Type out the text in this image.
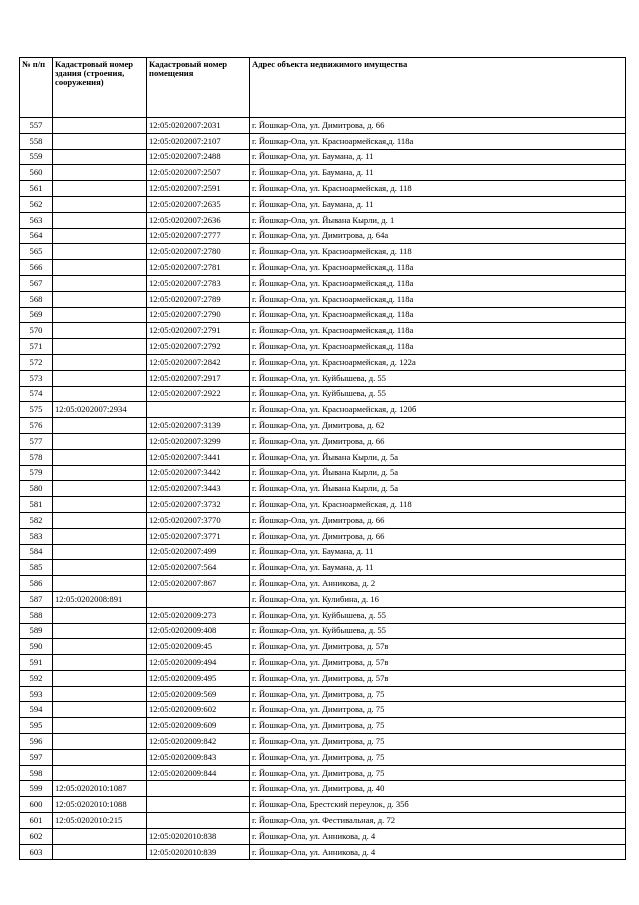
№ п/п	Кадастровый номер здания (строения, сооружения)	Кадастровый номер помещения	Адрес объекта недвижимого имущества
557		12:05:0202007:2031	г. Йошкар-Ола, ул. Димитрова, д. 66
558		12:05:0202007:2107	г. Йошкар-Ола, ул. Красноармейская,д. 118а
559		12:05:0202007:2488	г. Йошкар-Ола, ул. Баумана, д. 11
560		12:05:0202007:2507	г. Йошкар-Ола, ул. Баумана, д. 11
561		12:05:0202007:2591	г. Йошкар-Ола, ул. Красноармейская, д. 118
562		12:05:0202007:2635	г. Йошкар-Ола, ул. Баумана, д. 11
563		12:05:0202007:2636	г. Йошкар-Ола, ул. Йывана Кырли, д. 1
564		12:05:0202007:2777	г. Йошкар-Ола, ул. Димитрова, д. 64а
565		12:05:0202007:2780	г. Йошкар-Ола, ул. Красноармейская, д. 118
566		12:05:0202007:2781	г. Йошкар-Ола, ул. Красноармейская,д. 118а
567		12:05:0202007:2783	г. Йошкар-Ола, ул. Красноармейская,д. 118а
568		12:05:0202007:2789	г. Йошкар-Ола, ул. Красноармейская,д. 118а
569		12:05:0202007:2790	г. Йошкар-Ола, ул. Красноармейская,д. 118а
570		12:05:0202007:2791	г. Йошкар-Ола, ул. Красноармейская,д. 118а
571		12:05:0202007:2792	г. Йошкар-Ола, ул. Красноармейская,д. 118а
572		12:05:0202007:2842	г. Йошкар-Ола, ул. Красноармейская, д. 122а
573		12:05:0202007:2917	г. Йошкар-Ола, ул. Куйбышева, д. 55
574		12:05:0202007:2922	г. Йошкар-Ола, ул. Куйбышева, д. 55
575	12:05:0202007:2934		г. Йошкар-Ола, ул. Красноармейская, д. 120б
576		12:05:0202007:3139	г. Йошкар-Ола, ул. Димитрова, д. 62
577		12:05:0202007:3299	г. Йошкар-Ола, ул. Димитрова, д. 66
578		12:05:0202007:3441	г. Йошкар-Ола, ул. Йывана Кырли, д. 5а
579		12:05:0202007:3442	г. Йошкар-Ола, ул. Йывана Кырли, д. 5а
580		12:05:0202007:3443	г. Йошкар-Ола, ул. Йывана Кырли, д. 5а
581		12:05:0202007:3732	г. Йошкар-Ола, ул. Красноармейская, д. 118
582		12:05:0202007:3770	г. Йошкар-Ола, ул. Димитрова, д. 66
583		12:05:0202007:3771	г. Йошкар-Ола, ул. Димитрова, д. 66
584		12:05:0202007:499	г. Йошкар-Ола, ул. Баумана, д. 11
585		12:05:0202007:564	г. Йошкар-Ола, ул. Баумана, д. 11
586		12:05:0202007:867	г. Йошкар-Ола, ул. Анникова, д. 2
587	12:05:0202008:891		г. Йошкар-Ола, ул. Кулибина, д. 16
588		12:05:0202009:273	г. Йошкар-Ола, ул. Куйбышева, д. 55
589		12:05:0202009:408	г. Йошкар-Ола, ул. Куйбышева, д. 55
590		12:05:0202009:45	г. Йошкар-Ола, ул. Димитрова, д. 57в
591		12:05:0202009:494	г. Йошкар-Ола, ул. Димитрова, д. 57в
592		12:05:0202009:495	г. Йошкар-Ола, ул. Димитрова, д. 57в
593		12:05:0202009:569	г. Йошкар-Ола, ул. Димитрова, д. 75
594		12:05:0202009:602	г. Йошкар-Ола, ул. Димитрова, д. 75
595		12:05:0202009:609	г. Йошкар-Ола, ул. Димитрова, д. 75
596		12:05:0202009:842	г. Йошкар-Ола, ул. Димитрова, д. 75
597		12:05:0202009:843	г. Йошкар-Ола, ул. Димитрова, д. 75
598		12:05:0202009:844	г. Йошкар-Ола, ул. Димитрова, д. 75
599	12:05:0202010:1087		г. Йошкар-Ола, ул. Димитрова, д. 40
600	12:05:0202010:1088		г. Йошкар-Ола, Брестский переулок, д. 35б
601	12:05:0202010:215		г. Йошкар-Ола, ул. Фестивальная, д. 72
602		12:05:0202010:838	г. Йошкар-Ола, ул. Анникова, д. 4
603		12:05:0202010:839	г. Йошкар-Ола, ул. Анникова, д. 4
